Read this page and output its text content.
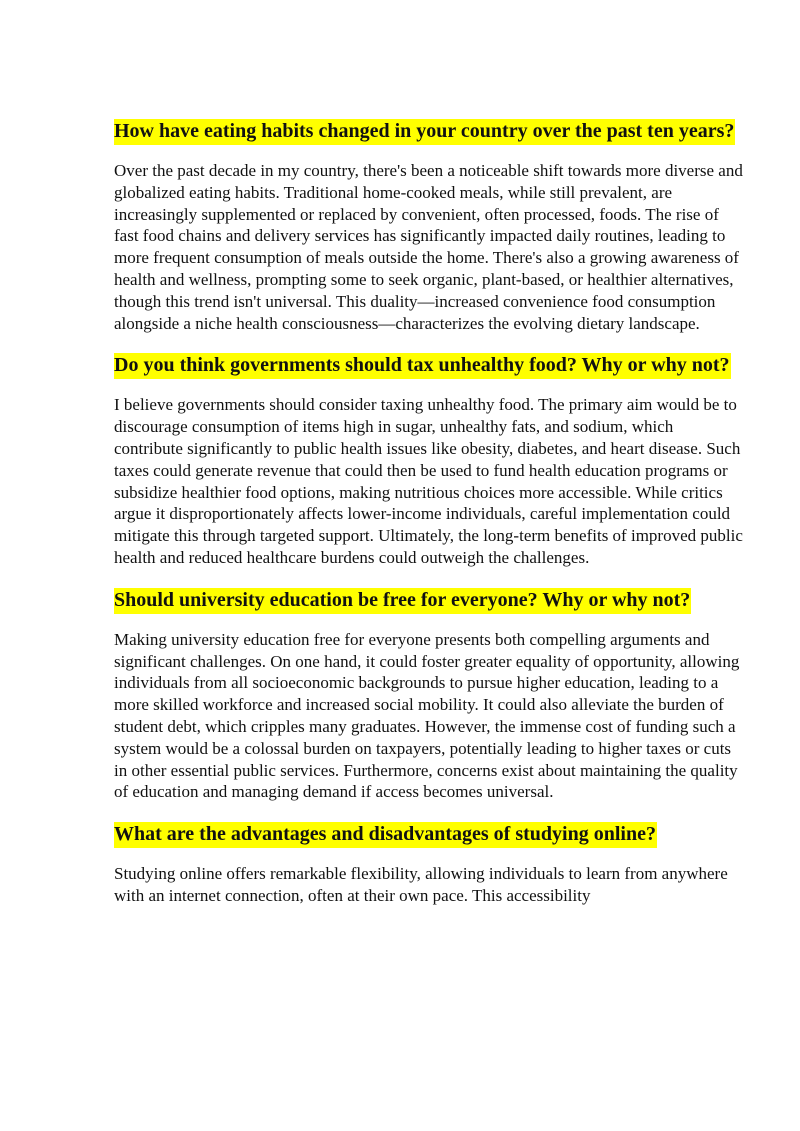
How have eating habits changed in your country over the past ten years?

Over the past decade in my country, there's been a noticeable shift towards more diverse and globalized eating habits. Traditional home-cooked meals, while still prevalent, are increasingly supplemented or replaced by convenient, often processed, foods. The rise of fast food chains and delivery services has significantly impacted daily routines, leading to more frequent consumption of meals outside the home. There's also a growing awareness of health and wellness, prompting some to seek organic, plant-based, or healthier alternatives, though this trend isn't universal. This duality—increased convenience food consumption alongside a niche health consciousness—characterizes the evolving dietary landscape.

Do you think governments should tax unhealthy food? Why or why not?

I believe governments should consider taxing unhealthy food. The primary aim would be to discourage consumption of items high in sugar, unhealthy fats, and sodium, which contribute significantly to public health issues like obesity, diabetes, and heart disease. Such taxes could generate revenue that could then be used to fund health education programs or subsidize healthier food options, making nutritious choices more accessible. While critics argue it disproportionately affects lower-income individuals, careful implementation could mitigate this through targeted support. Ultimately, the long-term benefits of improved public health and reduced healthcare burdens could outweigh the challenges.

Should university education be free for everyone? Why or why not?

Making university education free for everyone presents both compelling arguments and significant challenges. On one hand, it could foster greater equality of opportunity, allowing individuals from all socioeconomic backgrounds to pursue higher education, leading to a more skilled workforce and increased social mobility. It could also alleviate the burden of student debt, which cripples many graduates. However, the immense cost of funding such a system would be a colossal burden on taxpayers, potentially leading to higher taxes or cuts in other essential public services. Furthermore, concerns exist about maintaining the quality of education and managing demand if access becomes universal.

What are the advantages and disadvantages of studying online?

Studying online offers remarkable flexibility, allowing individuals to learn from anywhere with an internet connection, often at their own pace. This accessibility
